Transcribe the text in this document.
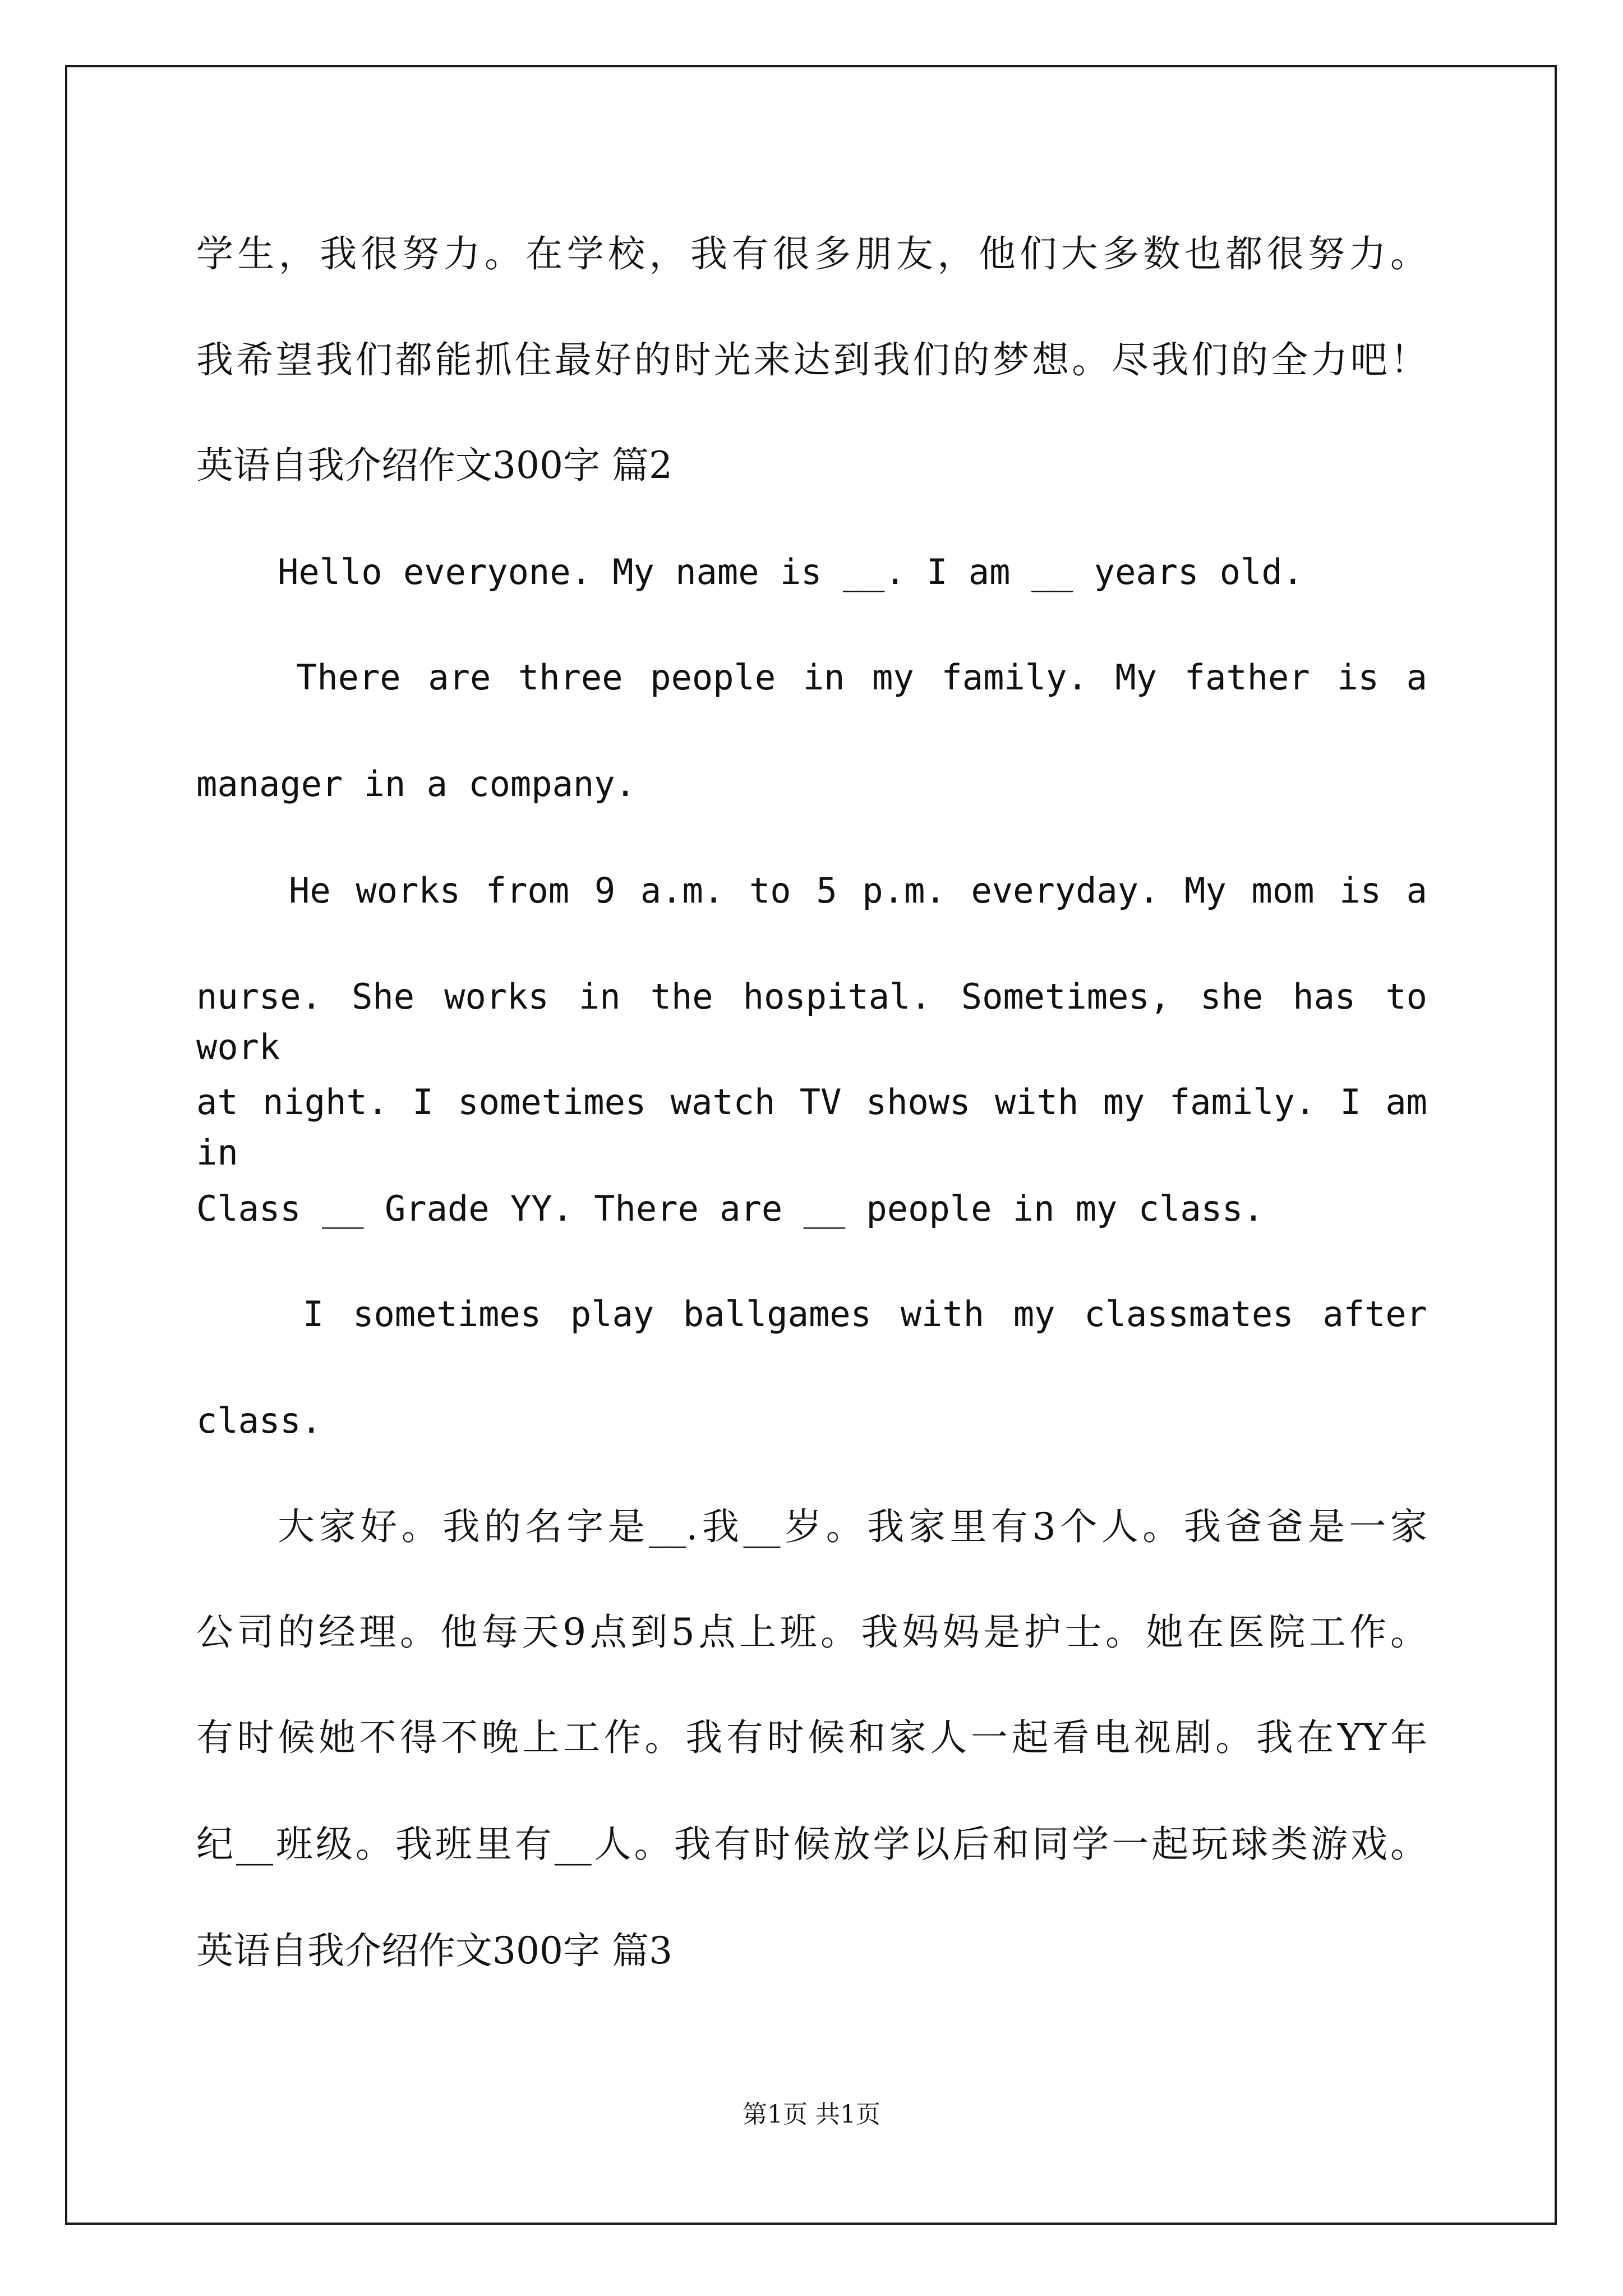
学生，我很努力。在学校，我有很多朋友，他们大多数也都很努力。

我希望我们都能抓住最好的时光来达到我们的梦想。尽我们的全力吧！

英语自我介绍作文300字 篇2

Hello everyone. My name is __. I am __ years old.

There are three people in my family. My father is a

manager in a company.

He works from 9 a.m. to 5 p.m. everyday. My mom is a

nurse. She works in the hospital. Sometimes, she has to work

at night. I sometimes watch TV shows with my family. I am in

Class __ Grade YY. There are __ people in my class.

I sometimes play ballgames with my classmates after

class.

大家好。我的名字是__.我__岁。我家里有3个人。我爸爸是一家

公司的经理。他每天9点到5点上班。我妈妈是护士。她在医院工作。

有时候她不得不晚上工作。我有时候和家人一起看电视剧。我在YY年

纪__班级。我班里有__人。我有时候放学以后和同学一起玩球类游戏。

英语自我介绍作文300字 篇3

第1页 共1页
